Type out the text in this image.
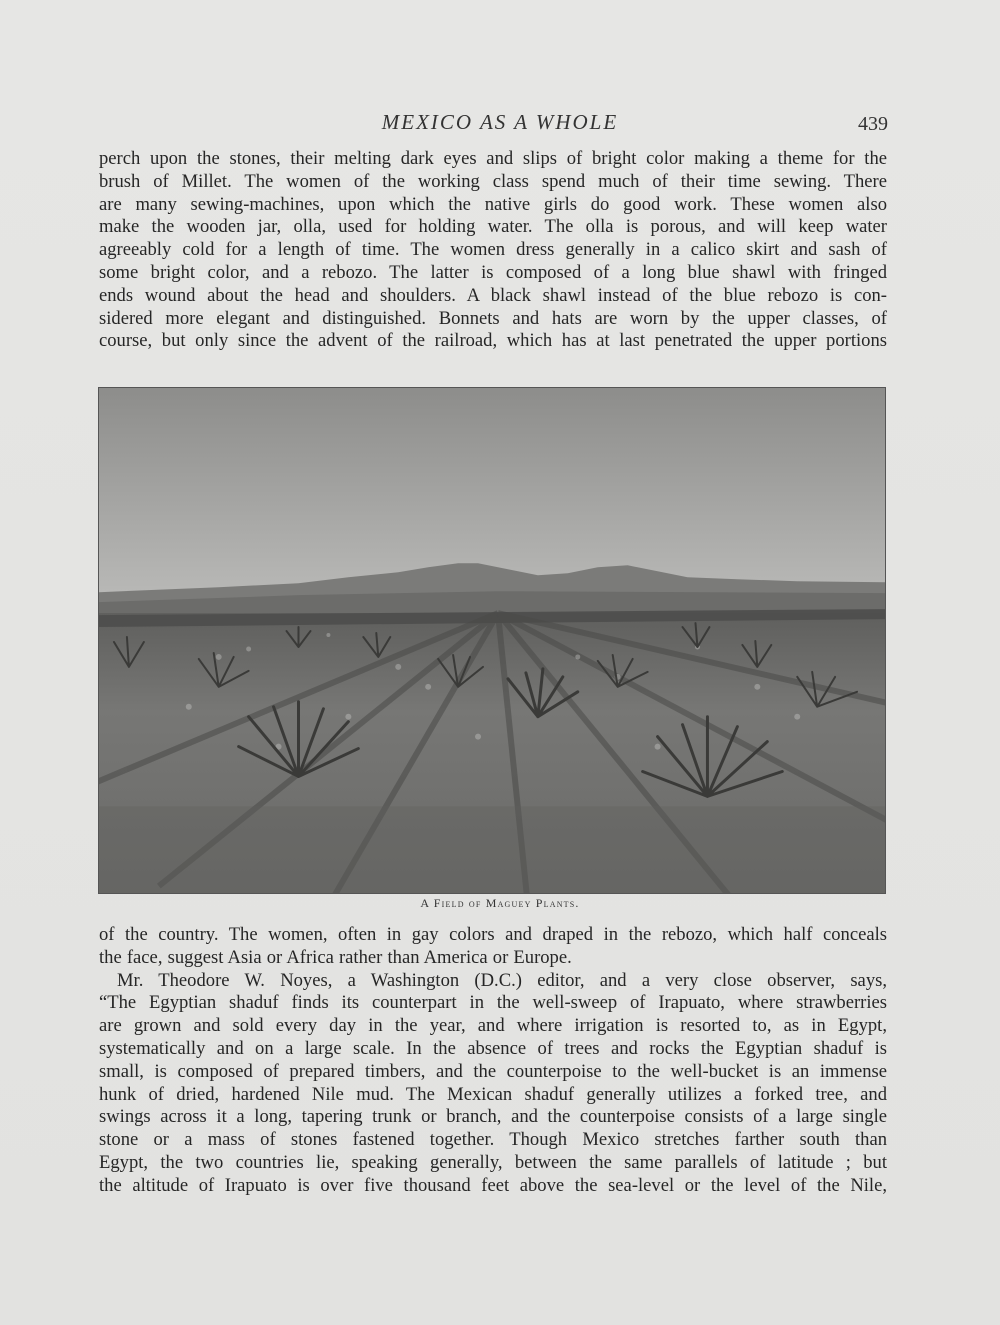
MEXICO AS A WHOLE	439

perch upon the stones, their melting dark eyes and slips of bright color making a theme for the
brush of Millet. The women of the working class spend much of their time sewing. There
are many sewing-machines, upon which the native girls do good work. These women also
make the wooden jar, olla, used for holding water. The olla is porous, and will keep water
agreeably cold for a length of time. The women dress generally in a calico skirt and sash of
some bright color, and a rebozo. The latter is composed of a long blue shawl with fringed
ends wound about the head and shoulders. A black shawl instead of the blue rebozo is con-
sidered more elegant and distinguished. Bonnets and hats are worn by the upper classes, of
course, but only since the advent of the railroad, which has at last penetrated the upper portions

A Field of Maguey Plants.

of the country. The women, often in gay colors and draped in the rebozo, which half conceals
the face, suggest Asia or Africa rather than America or Europe.
Mr. Theodore W. Noyes, a Washington (D.C.) editor, and a very close observer, says,
“The Egyptian shaduf finds its counterpart in the well-sweep of Irapuato, where strawberries
are grown and sold every day in the year, and where irrigation is resorted to, as in Egypt,
systematically and on a large scale. In the absence of trees and rocks the Egyptian shaduf is
small, is composed of prepared timbers, and the counterpoise to the well-bucket is an immense
hunk of dried, hardened Nile mud. The Mexican shaduf generally utilizes a forked tree, and
swings across it a long, tapering trunk or branch, and the counterpoise consists of a large single
stone or a mass of stones fastened together. Though Mexico stretches farther south than
Egypt, the two countries lie, speaking generally, between the same parallels of latitude ; but
the altitude of Irapuato is over five thousand feet above the sea-level or the level of the Nile,
